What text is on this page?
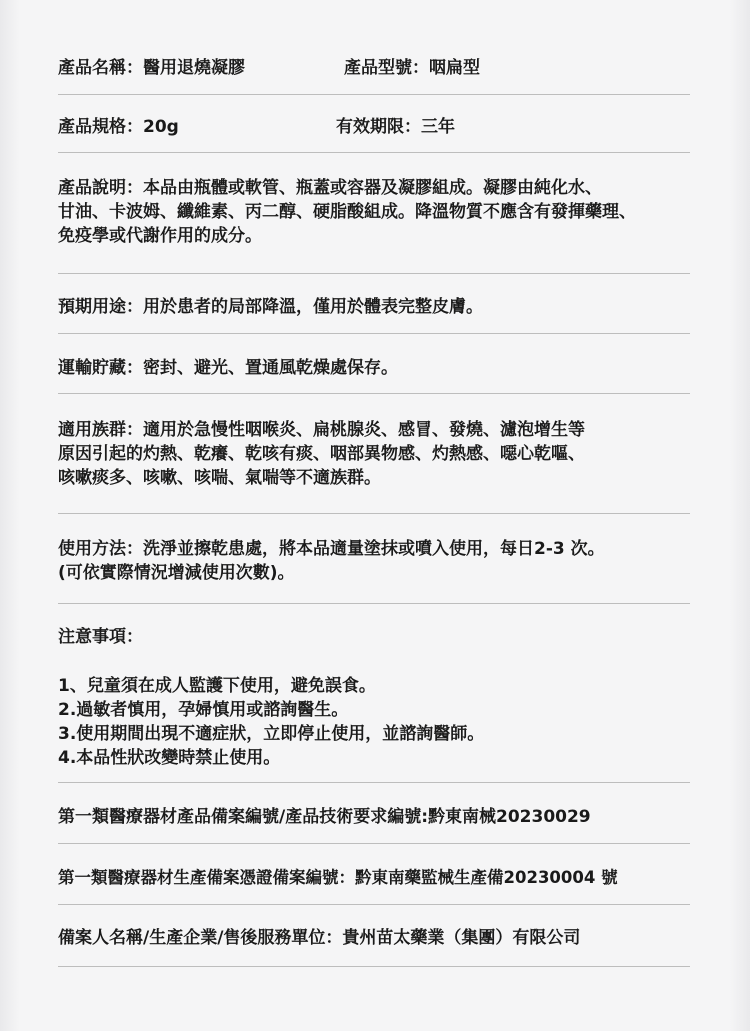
產品名稱：醫用退燒凝膠	產品型號：咽扁型
產品規格：20g	有效期限：三年
產品說明：本品由瓶體或軟管、瓶蓋或容器及凝膠組成。凝膠由純化水、
甘油、卡波姆、纖維素、丙二醇、硬脂酸組成。降溫物質不應含有發揮藥理、
免疫學或代謝作用的成分。
預期用途：用於患者的局部降溫，僅用於體表完整皮膚。
運輸貯藏：密封、避光、置通風乾燥處保存。
適用族群：適用於急慢性咽喉炎、扁桃腺炎、感冒、發燒、濾泡增生等
原因引起的灼熱、乾癢、乾咳有痰、咽部異物感、灼熱感、噁心乾嘔、
咳嗽痰多、咳嗽、咳喘、氣喘等不適族群。
使用方法：洗淨並擦乾患處，將本品適量塗抹或噴入使用，每日2-3 次。
(可依實際情況增減使用次數)。
注意事項：
1、兒童須在成人監護下使用，避免誤食。
2.過敏者慎用，孕婦慎用或諮詢醫生。
3.使用期間出現不適症狀，立即停止使用，並諮詢醫師。
4.本品性狀改變時禁止使用。
第一類醫療器材產品備案編號/產品技術要求編號:黔東南械20230029
第一類醫療器材生產備案憑證備案編號：黔東南藥監械生產備20230004 號
備案人名稱/生產企業/售後服務單位：貴州苗太藥業（集團）有限公司
